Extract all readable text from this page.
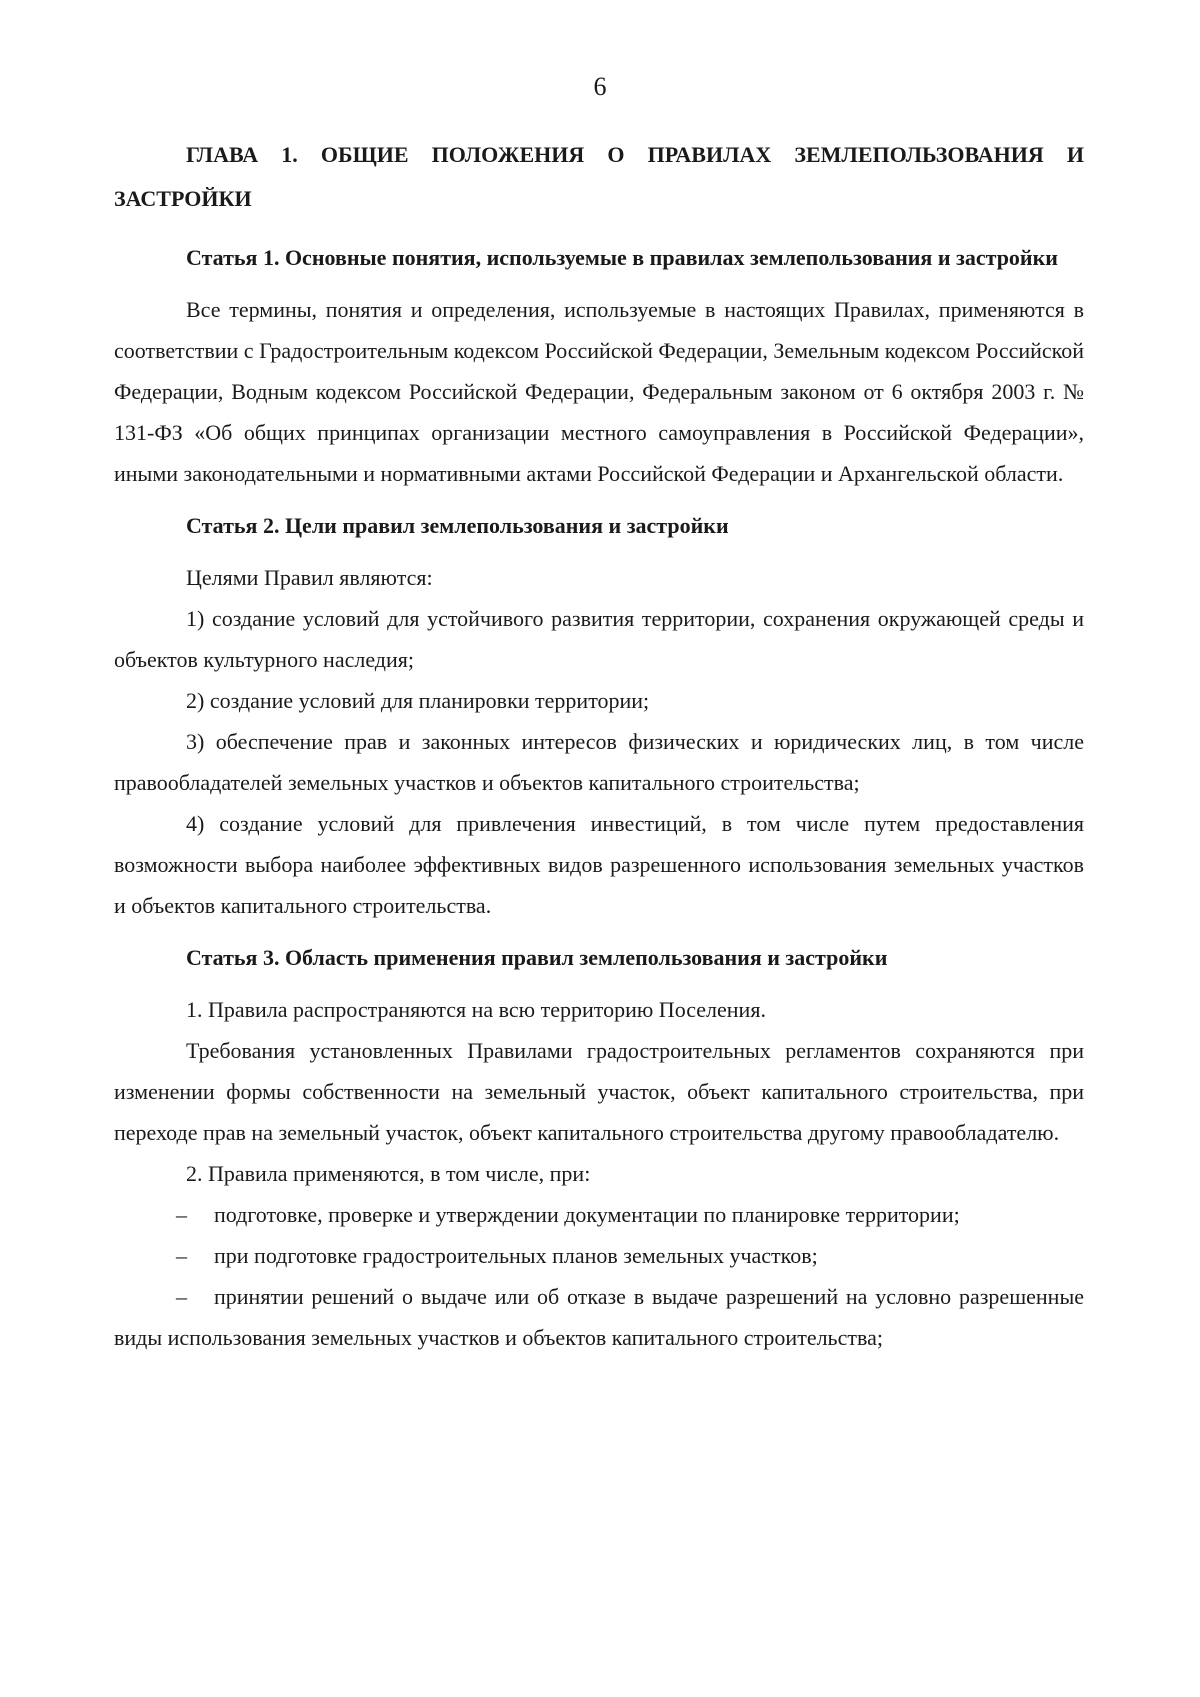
6

ГЛАВА 1. ОБЩИЕ ПОЛОЖЕНИЯ О ПРАВИЛАХ ЗЕМЛЕПОЛЬЗОВАНИЯ И ЗАСТРОЙКИ

Статья 1. Основные понятия, используемые в правилах землепользования и застройки

Все термины, понятия и определения, используемые в настоящих Правилах, применяются в соответствии с Градостроительным кодексом Российской Федерации, Земельным кодексом Российской Федерации, Водным кодексом Российской Федерации, Федеральным законом от 6 октября 2003 г. № 131-ФЗ «Об общих принципах организации местного самоуправления в Российской Федерации», иными законодательными и нормативными актами Российской Федерации и Архангельской области.

Статья 2. Цели правил землепользования и застройки

Целями Правил являются:

1) создание условий для устойчивого развития территории, сохранения окружающей среды и объектов культурного наследия;

2) создание условий для планировки территории;

3) обеспечение прав и законных интересов физических и юридических лиц, в том числе правообладателей земельных участков и объектов капитального строительства;

4) создание условий для привлечения инвестиций, в том числе путем предоставления возможности выбора наиболее эффективных видов разрешенного использования земельных участков и объектов капитального строительства.

Статья 3. Область применения правил землепользования и застройки

1. Правила распространяются на всю территорию Поселения.

Требования установленных Правилами градостроительных регламентов сохраняются при изменении формы собственности на земельный участок, объект капитального строительства, при переходе прав на земельный участок, объект капитального строительства другому правообладателю.

2. Правила применяются, в том числе, при:

– подготовке, проверке и утверждении документации по планировке территории;

– при подготовке градостроительных планов земельных участков;

– принятии решений о выдаче или об отказе в выдаче разрешений на условно разрешенные виды использования земельных участков и объектов капитального строительства;
